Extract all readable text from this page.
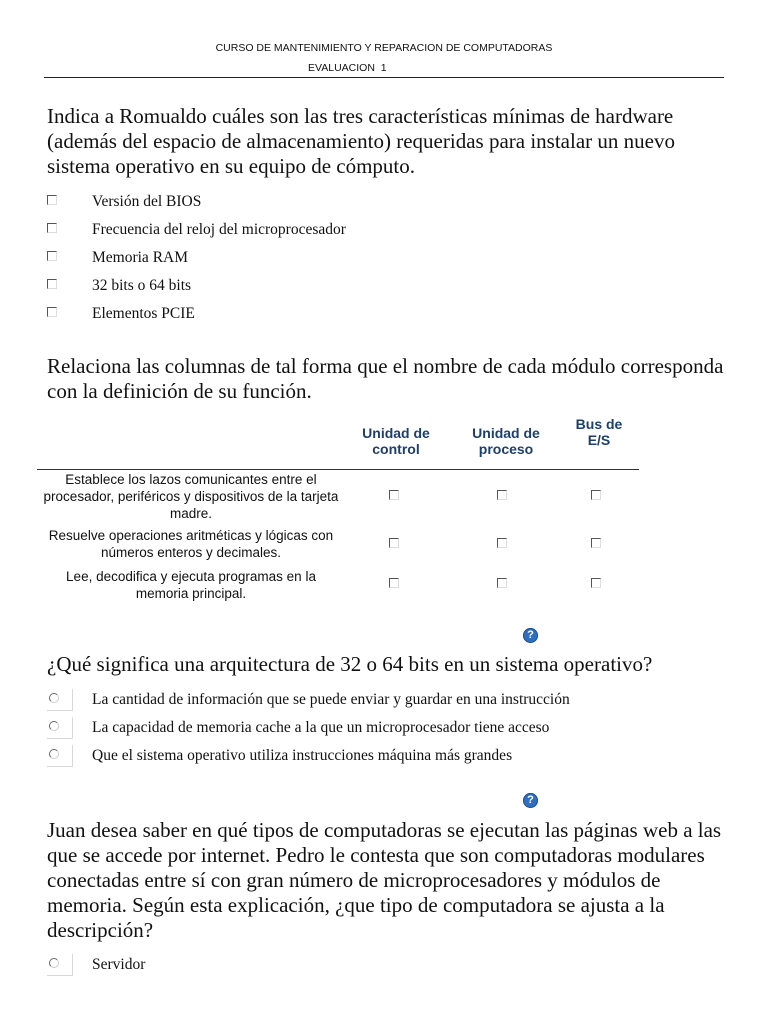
CURSO DE MANTENIMIENTO Y REPARACION DE COMPUTADORAS
EVALUACION  1
Indica a Romualdo cuáles son las tres características mínimas de hardware (además del espacio de almacenamiento) requeridas para instalar un nuevo sistema operativo en su equipo de cómputo.
Versión del BIOS
Frecuencia del reloj del microprocesador
Memoria RAM
32 bits o 64 bits
Elementos PCIE
Relaciona las columnas de tal forma que el nombre de cada módulo corresponda con la definición de su función.
Unidad de control
Unidad de proceso
Bus de E/S
Establece los lazos comunicantes entre el procesador, periféricos y dispositivos de la tarjeta madre.
Resuelve operaciones aritméticas y lógicas con números enteros y decimales.
Lee, decodifica y ejecuta programas en la memoria principal.
?
¿Qué significa una arquitectura de 32 o 64 bits en un sistema operativo?
La cantidad de información que se puede enviar y guardar en una instrucción
La capacidad de memoria cache a la que un microprocesador tiene acceso
Que el sistema operativo utiliza instrucciones máquina más grandes
?
Juan desea saber en qué tipos de computadoras se ejecutan las páginas web a las que se accede por internet. Pedro le contesta que son computadoras modulares conectadas entre sí con gran número de microprocesadores y módulos de memoria. Según esta explicación, ¿que tipo de computadora se ajusta a la descripción?
Servidor
